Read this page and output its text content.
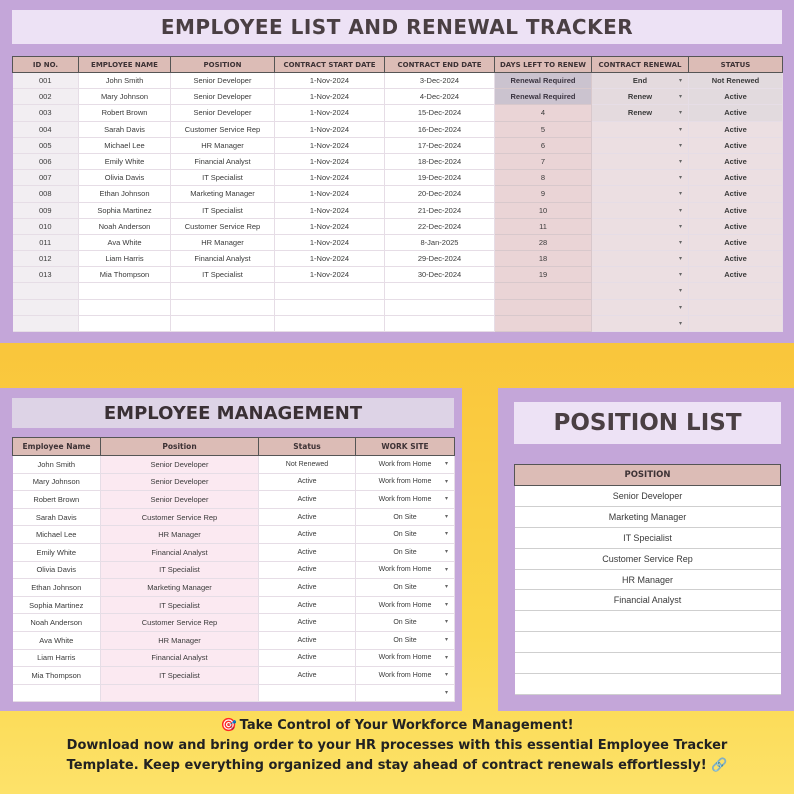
EMPLOYEE LIST AND RENEWAL TRACKER
ID NO.	EMPLOYEE NAME	POSITION	CONTRACT START DATE	CONTRACT END DATE	DAYS LEFT TO RENEW	CONTRACT RENEWAL	STATUS
001	John Smith	Senior Developer	1-Nov-2024	3-Dec-2024	Renewal Required	End ▾	Not Renewed
002	Mary Johnson	Senior Developer	1-Nov-2024	4-Dec-2024	Renewal Required	Renew ▾	Active
003	Robert Brown	Senior Developer	1-Nov-2024	15-Dec-2024	4	Renew ▾	Active
004	Sarah Davis	Customer Service Rep	1-Nov-2024	16-Dec-2024	5	▾	Active
005	Michael Lee	HR Manager	1-Nov-2024	17-Dec-2024	6	▾	Active
006	Emily White	Financial Analyst	1-Nov-2024	18-Dec-2024	7	▾	Active
007	Olivia Davis	IT Specialist	1-Nov-2024	19-Dec-2024	8	▾	Active
008	Ethan Johnson	Marketing Manager	1-Nov-2024	20-Dec-2024	9	▾	Active
009	Sophia Martinez	IT Specialist	1-Nov-2024	21-Dec-2024	10	▾	Active
010	Noah Anderson	Customer Service Rep	1-Nov-2024	22-Dec-2024	11	▾	Active
011	Ava White	HR Manager	1-Nov-2024	8-Jan-2025	28	▾	Active
012	Liam Harris	Financial Analyst	1-Nov-2024	29-Dec-2024	18	▾	Active
013	Mia Thompson	IT Specialist	1-Nov-2024	30-Dec-2024	19	▾	Active

						▾	

						▾	

						▾	

EMPLOYEE MANAGEMENT
Employee Name	Position	Status	WORK SITE
John Smith	Senior Developer	Not Renewed	Work from Home ▾

Mary Johnson	Senior Developer	Active	Work from Home ▾

Robert Brown	Senior Developer	Active	Work from Home ▾

Sarah Davis	Customer Service Rep	Active	On Site ▾

Michael Lee	HR Manager	Active	On Site ▾

Emily White	Financial Analyst	Active	On Site ▾

Olivia Davis	IT Specialist	Active	Work from Home ▾

Ethan Johnson	Marketing Manager	Active	On Site ▾

Sophia Martinez	IT Specialist	Active	Work from Home ▾

Noah Anderson	Customer Service Rep	Active	On Site ▾

Ava White	HR Manager	Active	On Site ▾

Liam Harris	Financial Analyst	Active	Work from Home ▾

Mia Thompson	IT Specialist	Active	Work from Home ▾

			▾
POSITION LIST
POSITION
Senior Developer
Marketing Manager
IT Specialist
Customer Service Rep
HR Manager
Financial Analyst

🎯 Take Control of Your Workforce Management!
Download now and bring order to your HR processes with this essential Employee Tracker
Template. Keep everything organized and stay ahead of contract renewals effortlessly! 🔗
